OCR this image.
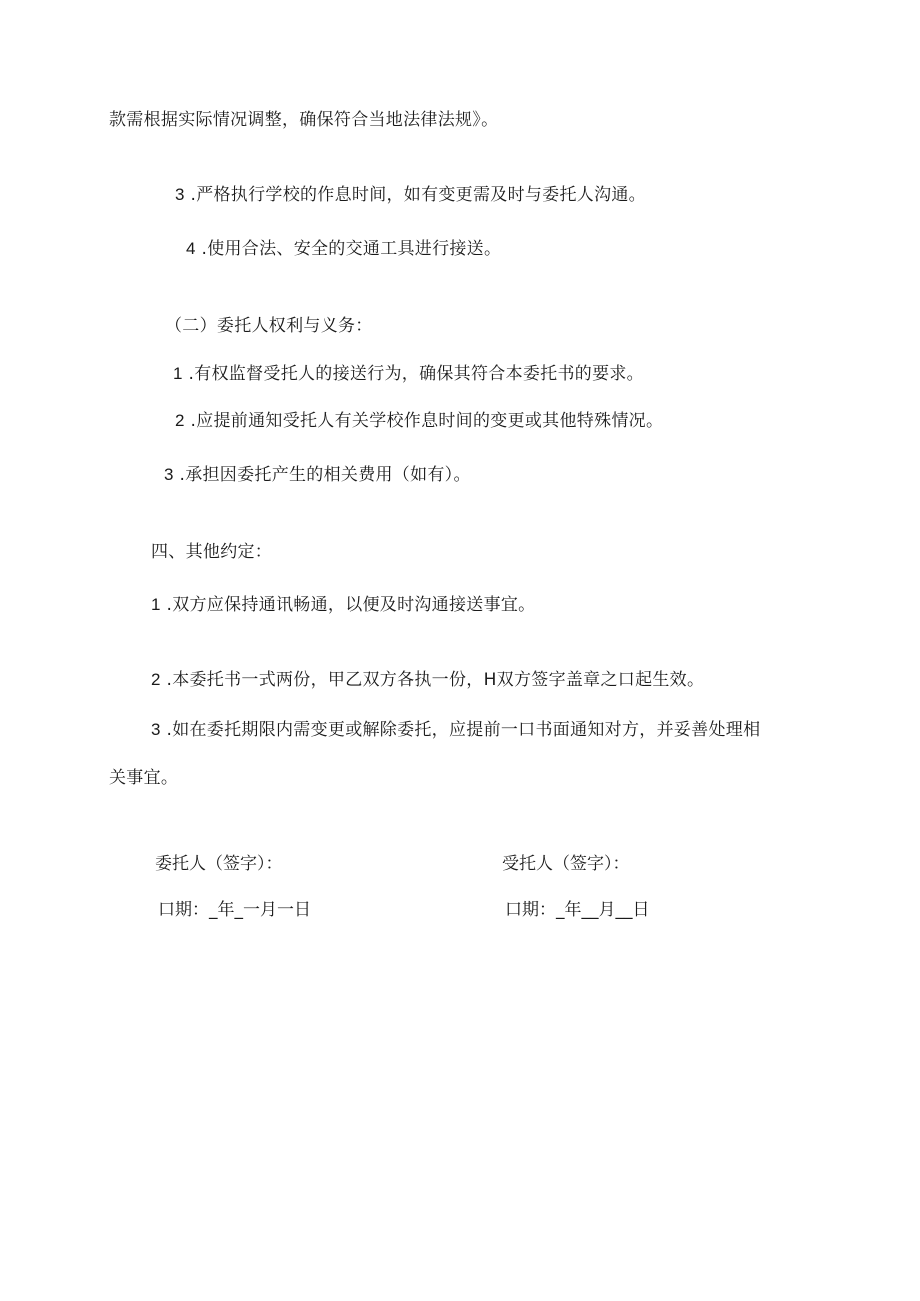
款需根据实际情况调整，确保符合当地法律法规》。
3 .严格执行学校的作息时间，如有变更需及时与委托人沟通。
4 .使用合法、安全的交通工具进行接送。
（二）委托人权利与义务：
1 .有权监督受托人的接送行为，确保其符合本委托书的要求。
2 .应提前通知受托人有关学校作息时间的变更或其他特殊情况。
3 .承担因委托产生的相关费用（如有）。
四、其他约定：
1 .双方应保持通讯畅通，以便及时沟通接送事宜。
2 .本委托书一式两份，甲乙双方各执一份，H双方签字盖章之口起生效。
3 .如在委托期限内需变更或解除委托，应提前一口书面通知对方，并妥善处理相
关事宜。
委托人（签字）：
口期：_年_一月一日
受托人（签字）：
口期：_年__月__日
